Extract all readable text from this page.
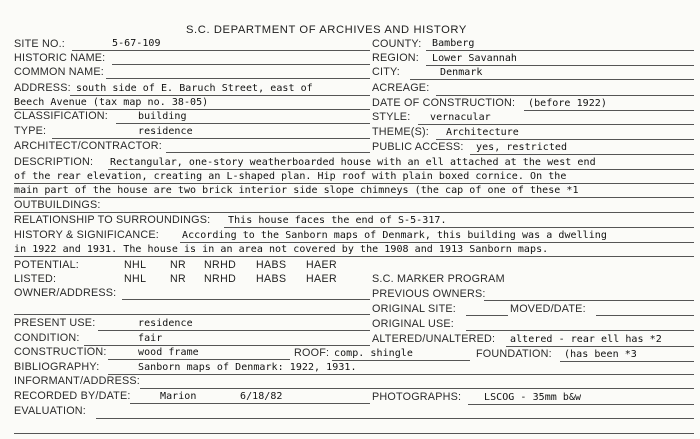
S.C. DEPARTMENT OF ARCHIVES AND HISTORY
SITE NO.:	5-67-109
HISTORIC NAME:
COMMON NAME:
ADDRESS: south side of E. Baruch Street, east of
Beech Avenue (tax map no. 38-05)
CLASSIFICATION:	building
TYPE:	residence
ARCHITECT/CONTRACTOR:
COUNTY: Bamberg
REGION: Lower Savannah
CITY:	Denmark
ACREAGE:
DATE OF CONSTRUCTION: (before 1922)
STYLE: vernacular
THEME(S): Architecture
PUBLIC ACCESS: yes, restricted
DESCRIPTION: Rectangular, one-story weatherboarded house with an ell attached at the west end
of the rear elevation, creating an L-shaped plan. Hip roof with plain boxed cornice. On the
main part of the house are two brick interior side slope chimneys (the cap of one of these *1
OUTBUILDINGS:
RELATIONSHIP TO SURROUNDINGS: This house faces the end of S-5-317.
HISTORY & SIGNIFICANCE: According to the Sanborn maps of Denmark, this building was a dwelling
in 1922 and 1931. The house is in an area not covered by the 1908 and 1913 Sanborn maps.
POTENTIAL:	NHL NR NRHD HABS HAER
LISTED:	NHL NR NRHD HABS HAER	S.C. MARKER PROGRAM
OWNER/ADDRESS:	PREVIOUS OWNERS:
ORIGINAL SITE:	MOVED/DATE:
PRESENT USE:	residence	ORIGINAL USE:
CONDITION:	fair	ALTERED/UNALTERED: altered - rear ell has *2
CONSTRUCTION:	wood frame	ROOF: comp. shingle	FOUNDATION: (has been *3
BIBLIOGRAPHY:	Sanborn maps of Denmark: 1922, 1931.
INFORMANT/ADDRESS:
RECORDED BY/DATE:	Marion	6/18/82	PHOTOGRAPHS: LSCOG - 35mm b&w
EVALUATION:
